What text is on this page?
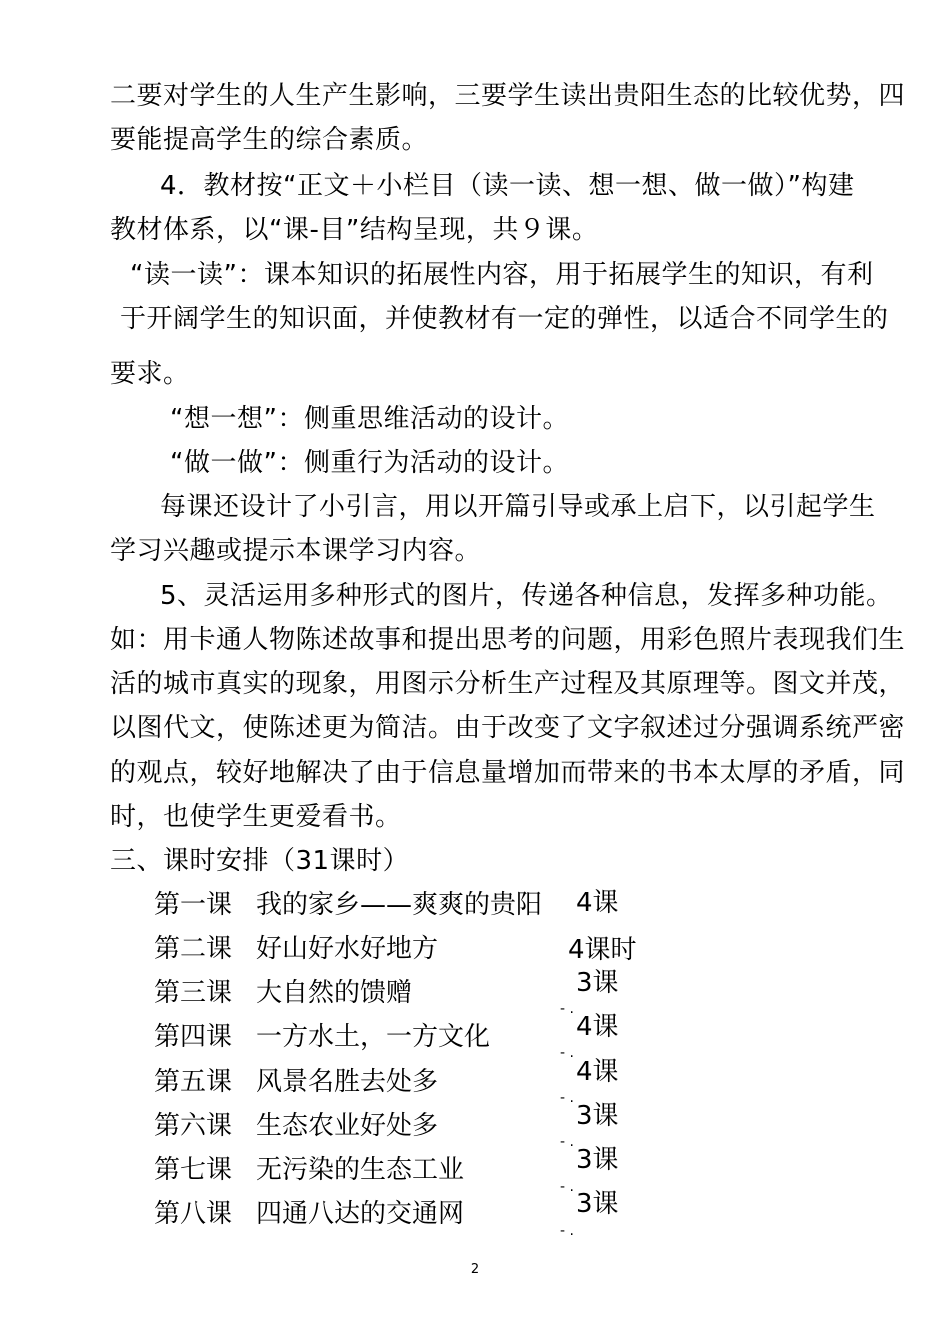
二要对学生的人生产生影响，三要学生读出贵阳生态的比较优势，四
要能提高学生的综合素质。
4．教材按“正文＋小栏目（读一读、想一想、做一做）”构建
教材体系，以“课-目”结构呈现，共９课。
“读一读”：课本知识的拓展性内容，用于拓展学生的知识，有利
于开阔学生的知识面，并使教材有一定的弹性，以适合不同学生的
要求。
“想一想”：侧重思维活动的设计。
“做一做”：侧重行为活动的设计。
每课还设计了小引言，用以开篇引导或承上启下，以引起学生
学习兴趣或提示本课学习内容。
5、灵活运用多种形式的图片，传递各种信息，发挥多种功能。
如：用卡通人物陈述故事和提出思考的问题，用彩色照片表现我们生
活的城市真实的现象，用图示分析生产过程及其原理等。图文并茂，
以图代文，使陈述更为简洁。由于改变了文字叙述过分强调系统严密
的观点，较好地解决了由于信息量增加而带来的书本太厚的矛盾，同
时，也使学生更爱看书。
三、课时安排（31课时）
第一课 我的家乡——爽爽的贵阳 4课
第二课 好山好水好地方	4课时
第三课 大自然的馈赠	3课
- .
第四课 一方水土，一方文化	4课
- .
第五课 风景名胜去处多	4课
- .
第六课 生态农业好处多	3课
- .
第七课 无污染的生态工业	3课
- .
第八课 四通八达的交通网	3课
- .
2
